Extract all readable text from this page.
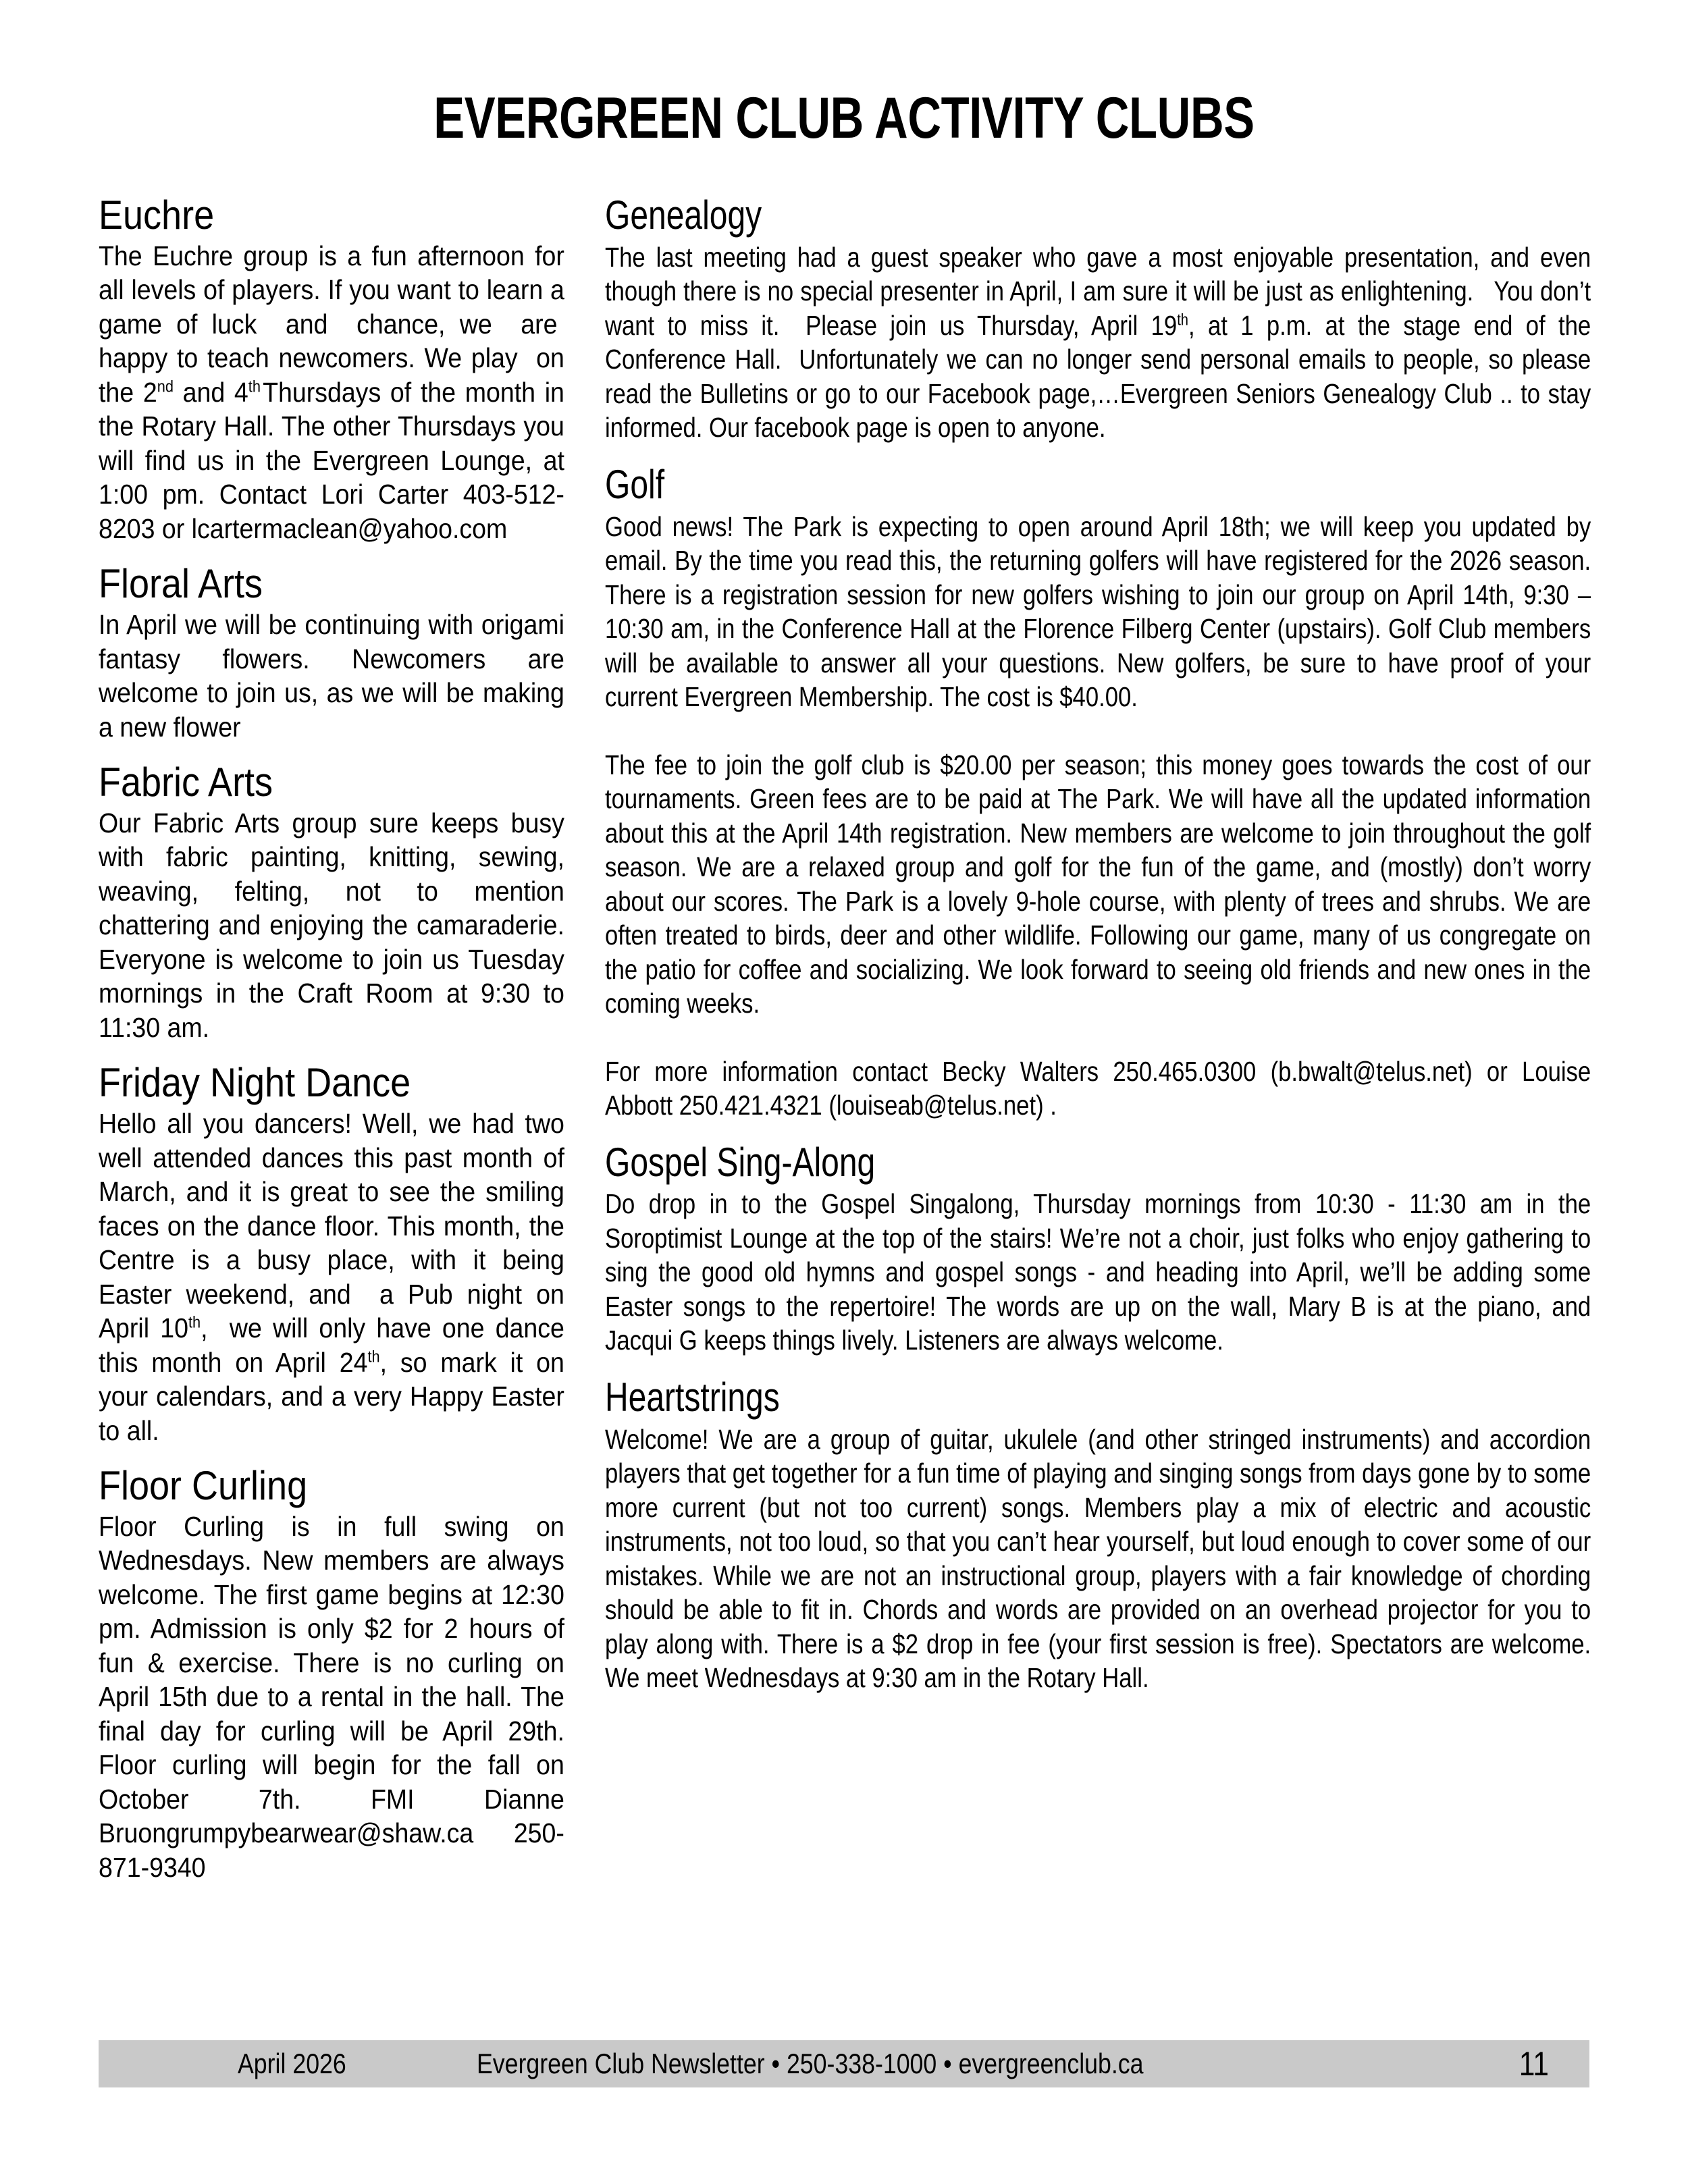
EVERGREEN CLUB ACTIVITY CLUBS
Euchre

The Euchre group is a fun afternoon for all levels of players. If you want to learn a game of luck  and  chance, we  are  happy to teach newcomers. We play  on the 2nd and 4th Thursdays of the month in the Rotary Hall. The other Thursdays you will find us in the Evergreen Lounge, at 1:00 pm. Contact Lori Carter 403-512-8203 or lcartermaclean@yahoo.com

Floral Arts

In April we will be continuing with origami fantasy flowers. Newcomers are welcome to join us, as we will be making a new flower

Fabric Arts

Our Fabric Arts group sure keeps busy with fabric painting, knitting, sewing, weaving, felting, not to mention chattering and enjoying the camaraderie. Everyone is welcome to join us Tuesday mornings in the Craft Room at 9:30 to 11:30 am.

Friday Night Dance

Hello all you dancers! Well, we had two well attended dances this past month of March, and it is great to see the smiling faces on the dance floor. This month, the Centre is a busy place, with it being Easter weekend, and  a Pub night on April 10th,  we will only have one dance this month on April 24th, so mark it on your calendars, and a very Happy Easter to all.

Floor Curling

Floor Curling is in full swing on Wednesdays. New members are always welcome. The first game begins at 12:30 pm. Admission is only $2 for 2 hours of fun & exercise. There is no curling on April 15th due to a rental in the hall. The final day for curling will be April 29th. Floor curling will begin for the fall on October 7th. FMI Dianne Bruongrumpybearwear@shaw.ca 250-871-9340

Genealogy

The last meeting had a guest speaker who gave a most enjoyable presentation, and even though there is no special presenter in April, I am sure it will be just as enlightening.   You don’t want to miss it.  Please join us Thursday, April 19th, at 1 p.m. at the stage end of the Conference Hall.  Unfortunately we can no longer send personal emails to people, so please read the Bulletins or go to our Facebook page,…Evergreen Seniors Genealogy Club .. to stay informed. Our facebook page is open to anyone.

Golf

Good news! The Park is expecting to open around April 18th; we will keep you updated by email. By the time you read this, the returning golfers will have registered for the 2026 season. There is a registration session for new golfers wishing to join our group on April 14th, 9:30 – 10:30 am, in the Conference Hall at the Florence Filberg Center (upstairs). Golf Club members will be available to answer all your questions. New golfers, be sure to have proof of your current Evergreen Membership. The cost is $40.00.

The fee to join the golf club is $20.00 per season; this money goes towards the cost of our tournaments. Green fees are to be paid at The Park. We will have all the updated information about this at the April 14th registration. New members are welcome to join throughout the golf season. We are a relaxed group and golf for the fun of the game, and (mostly) don’t worry about our scores. The Park is a lovely 9-hole course, with plenty of trees and shrubs. We are often treated to birds, deer and other wildlife. Following our game, many of us congregate on the patio for coffee and socializing. We look forward to seeing old friends and new ones in the coming weeks.

For more information contact Becky Walters 250.465.0300 (b.bwalt@telus.net) or Louise Abbott 250.421.4321 (louiseab@telus.net) .

Gospel Sing-Along

Do drop in to the Gospel Singalong, Thursday mornings from 10:30 - 11:30 am in the Soroptimist Lounge at the top of the stairs! We’re not a choir, just folks who enjoy gathering to sing the good old hymns and gospel songs - and heading into April, we’ll be adding some Easter songs to the repertoire! The words are up on the wall, Mary B is at the piano, and Jacqui G keeps things lively. Listeners are always welcome.

Heartstrings

Welcome! We are a group of guitar, ukulele (and other stringed instruments) and accordion players that get together for a fun time of playing and singing songs from days gone by to some more current (but not too current) songs. Members play a mix of electric and acoustic instruments, not too loud, so that you can’t hear yourself, but loud enough to cover some of our mistakes. While we are not an instructional group, players with a fair knowledge of chording should be able to fit in. Chords and words are provided on an overhead projector for you to play along with. There is a $2 drop in fee (your first session is free). Spectators are welcome. We meet Wednesdays at 9:30 am in the Rotary Hall.

April 2026	Evergreen Club Newsletter • 250-338-1000 • evergreenclub.ca	11
